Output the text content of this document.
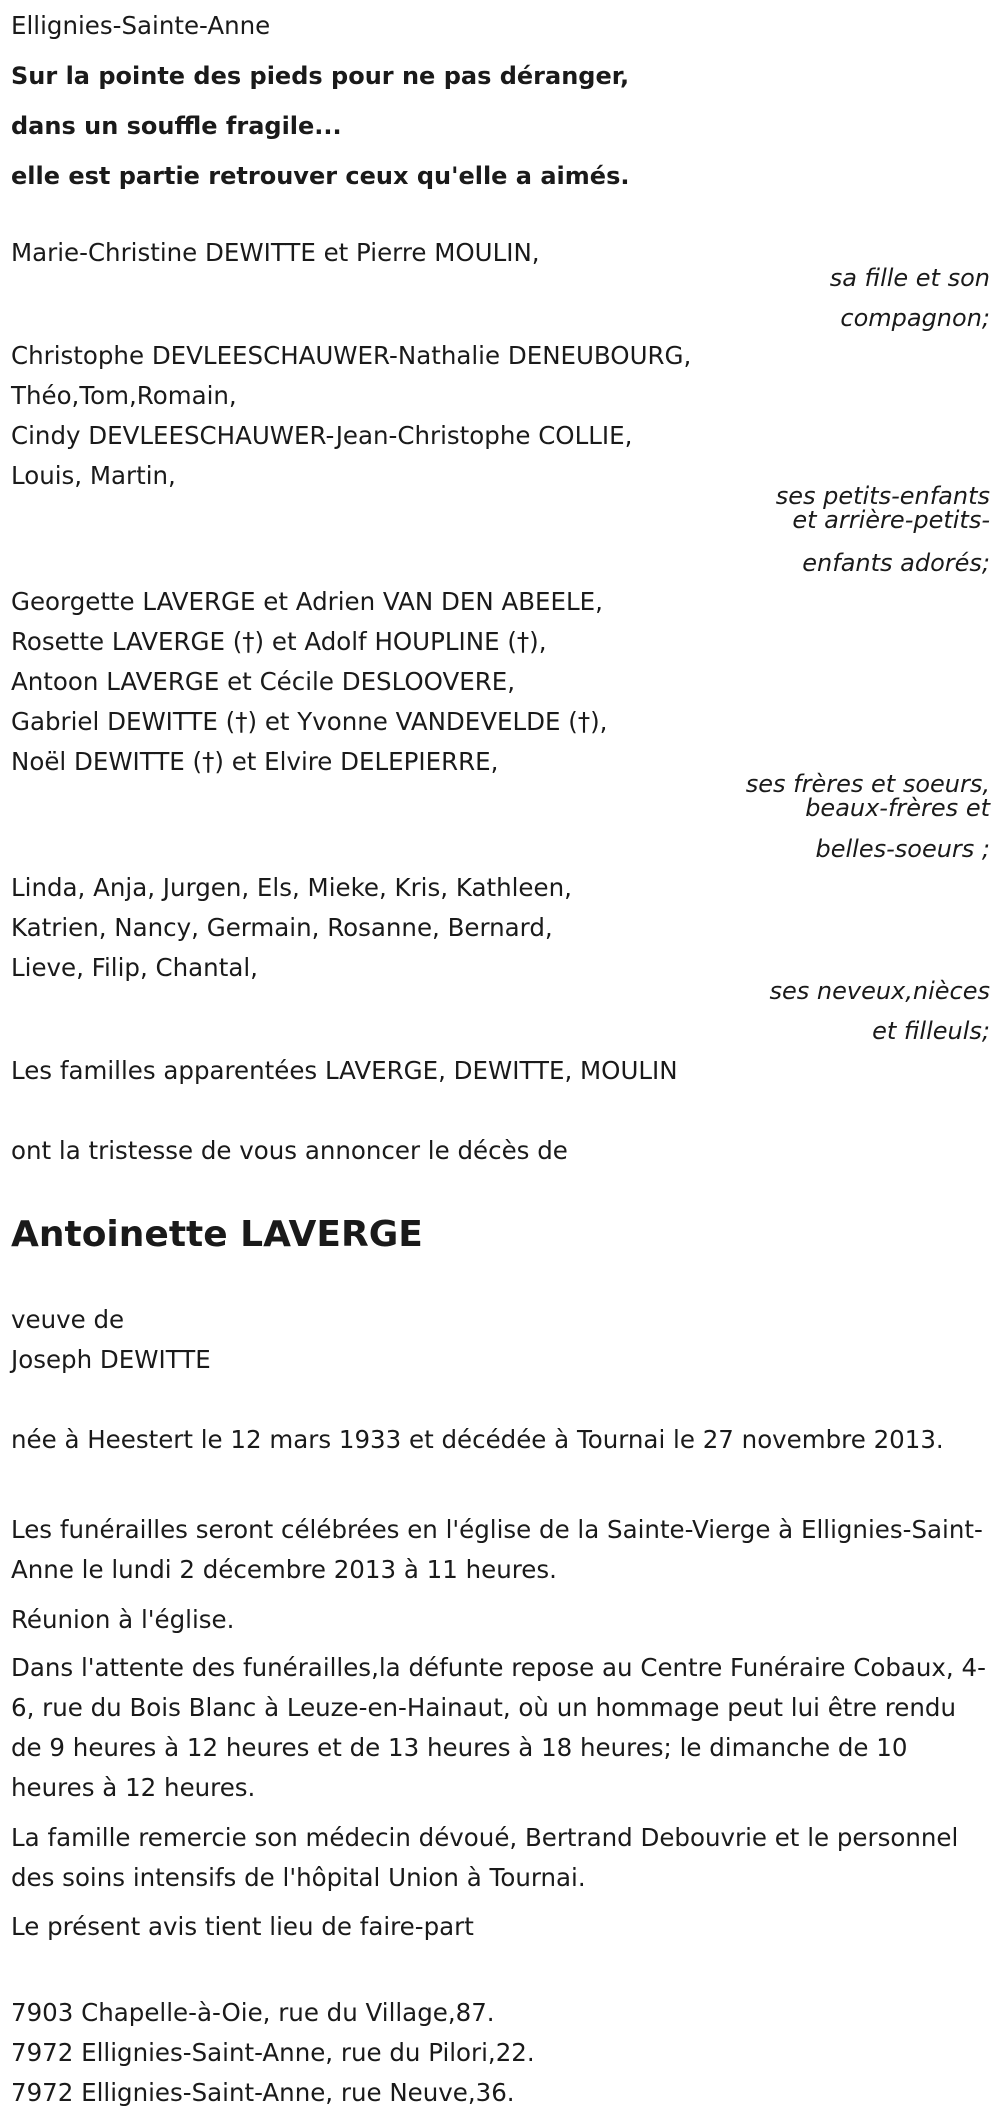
Ellignies-Sainte-Anne
Sur la pointe des pieds pour ne pas déranger,
dans un souffle fragile...
elle est partie retrouver ceux qu'elle a aimés.
Marie-Christine DEWITTE et Pierre MOULIN,
sa fille et son
compagnon;
Christophe DEVLEESCHAUWER-Nathalie DENEUBOURG,
Théo,Tom,Romain,
Cindy DEVLEESCHAUWER-Jean-Christophe COLLIE,
Louis, Martin,
ses petits-enfants
et arrière-petits-
enfants adorés;
Georgette LAVERGE et Adrien VAN DEN ABEELE,
Rosette LAVERGE (†) et Adolf HOUPLINE (†),
Antoon LAVERGE et Cécile DESLOOVERE,
Gabriel DEWITTE (†) et Yvonne VANDEVELDE (†),
Noël DEWITTE (†) et Elvire DELEPIERRE,
ses frères et soeurs,
beaux-frères et
belles-soeurs ;
Linda, Anja, Jurgen, Els, Mieke, Kris, Kathleen,
Katrien, Nancy, Germain, Rosanne, Bernard,
Lieve, Filip, Chantal,
ses neveux,nièces
et filleuls;
Les familles apparentées LAVERGE, DEWITTE, MOULIN
ont la tristesse de vous annoncer le décès de
Antoinette LAVERGE
veuve de
Joseph DEWITTE
née à Heestert le 12 mars 1933 et décédée à Tournai le 27 novembre 2013.
Les funérailles seront célébrées en l'église de la Sainte-Vierge à Ellignies-Saint-Anne le lundi 2 décembre 2013 à 11 heures.
Réunion à l'église.
Dans l'attente des funérailles,la défunte repose au Centre Funéraire Cobaux, 4-6, rue du Bois Blanc à Leuze-en-Hainaut, où un hommage peut lui être rendu de 9 heures à 12 heures et de 13 heures à 18 heures; le dimanche de 10 heures à 12 heures.
La famille remercie son médecin dévoué, Bertrand Debouvrie et le personnel des soins intensifs de l'hôpital Union à Tournai.
Le présent avis tient lieu de faire-part
7903 Chapelle-à-Oie, rue du Village,87.
7972 Ellignies-Saint-Anne, rue du Pilori,22.
7972 Ellignies-Saint-Anne, rue Neuve,36.
